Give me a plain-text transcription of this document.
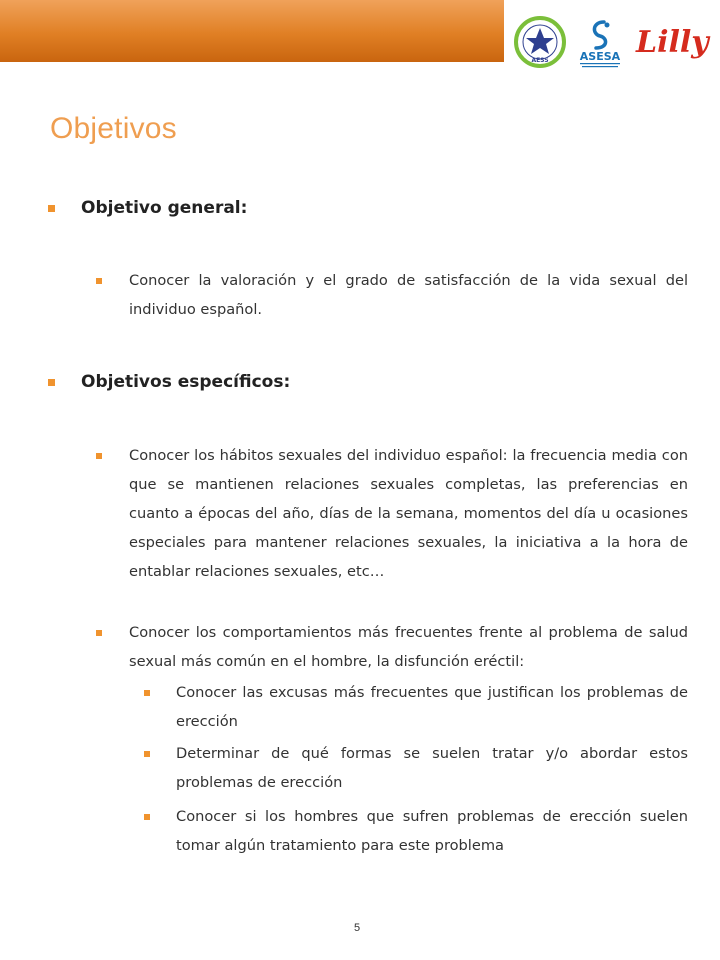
AESS	ASESA Lilly
Objetivos
Objetivo general:

Conocer la valoración y el grado de satisfacción de la vida sexual del individuo español.

Objetivos específicos:

Conocer los hábitos sexuales del individuo español: la frecuencia media con que se mantienen relaciones sexuales completas, las preferencias en cuanto a épocas del año, días de la semana, momentos del día u ocasiones especiales para mantener relaciones sexuales, la iniciativa a la hora de entablar relaciones sexuales, etc…

Conocer los comportamientos más frecuentes frente al problema de salud sexual más común en el hombre, la disfunción eréctil:

Conocer las excusas más frecuentes que justifican los problemas de erección

Determinar de qué formas se suelen tratar y/o abordar estos problemas de erección

Conocer si los hombres que sufren problemas de erección suelen tomar algún tratamiento para este problema

5
